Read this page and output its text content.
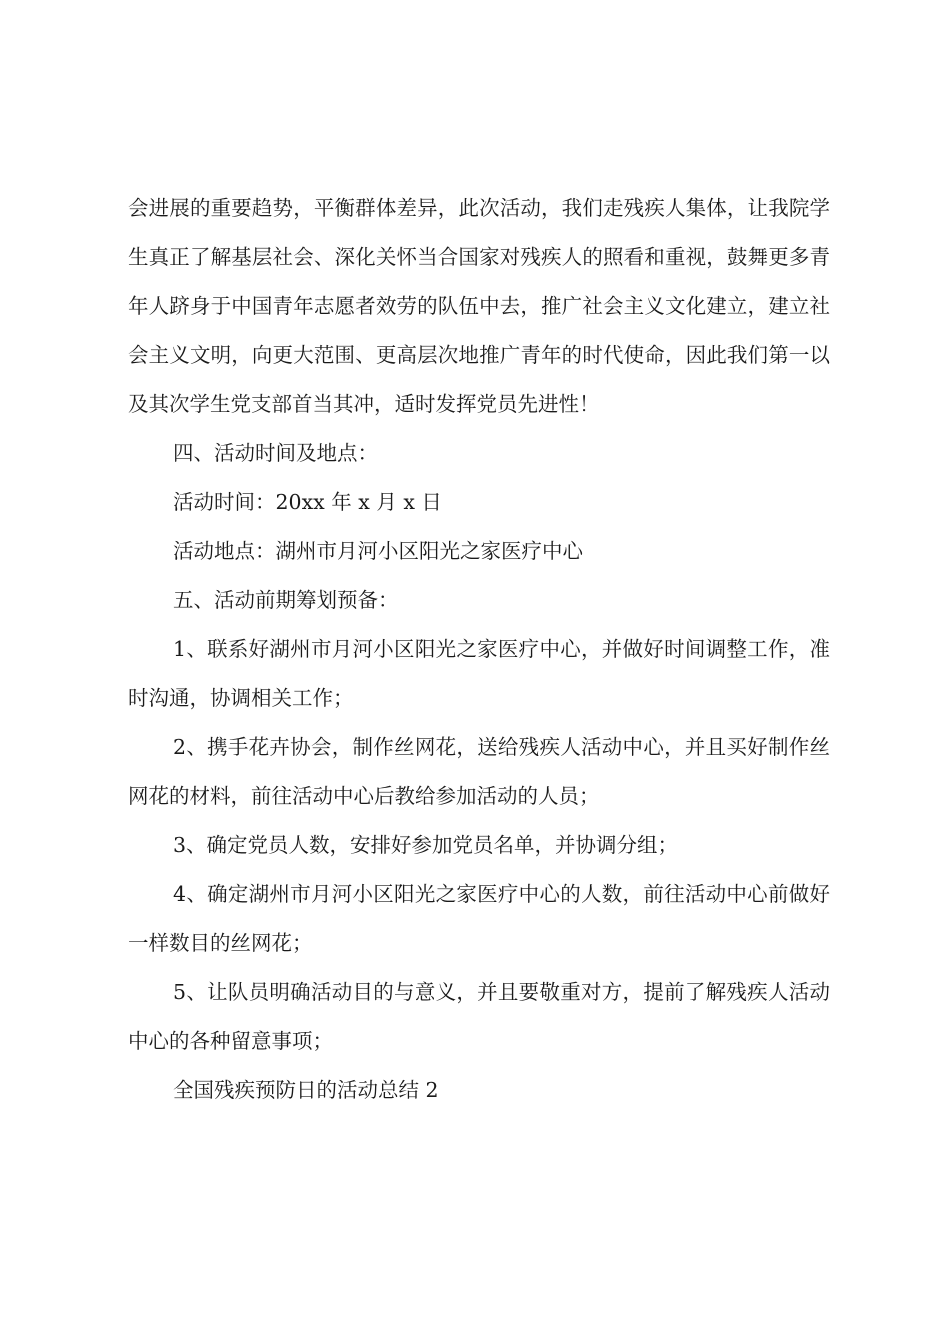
会进展的重要趋势，平衡群体差异，此次活动，我们走残疾人集体，让我院学生真正了解基层社会、深化关怀当合国家对残疾人的照看和重视，鼓舞更多青年人跻身于中国青年志愿者效劳的队伍中去，推广社会主义文化建立，建立社会主义文明，向更大范围、更高层次地推广青年的时代使命，因此我们第一以及其次学生党支部首当其冲，适时发挥党员先进性！

四、活动时间及地点：

活动时间：20xx 年 x 月 x 日

活动地点：湖州市月河小区阳光之家医疗中心

五、活动前期筹划预备：

1、联系好湖州市月河小区阳光之家医疗中心，并做好时间调整工作，准时沟通，协调相关工作；

2、携手花卉协会，制作丝网花，送给残疾人活动中心，并且买好制作丝网花的材料，前往活动中心后教给参加活动的人员；

3、确定党员人数，安排好参加党员名单，并协调分组；

4、确定湖州市月河小区阳光之家医疗中心的人数，前往活动中心前做好一样数目的丝网花；

5、让队员明确活动目的与意义，并且要敬重对方，提前了解残疾人活动中心的各种留意事项；

全国残疾预防日的活动总结 2
